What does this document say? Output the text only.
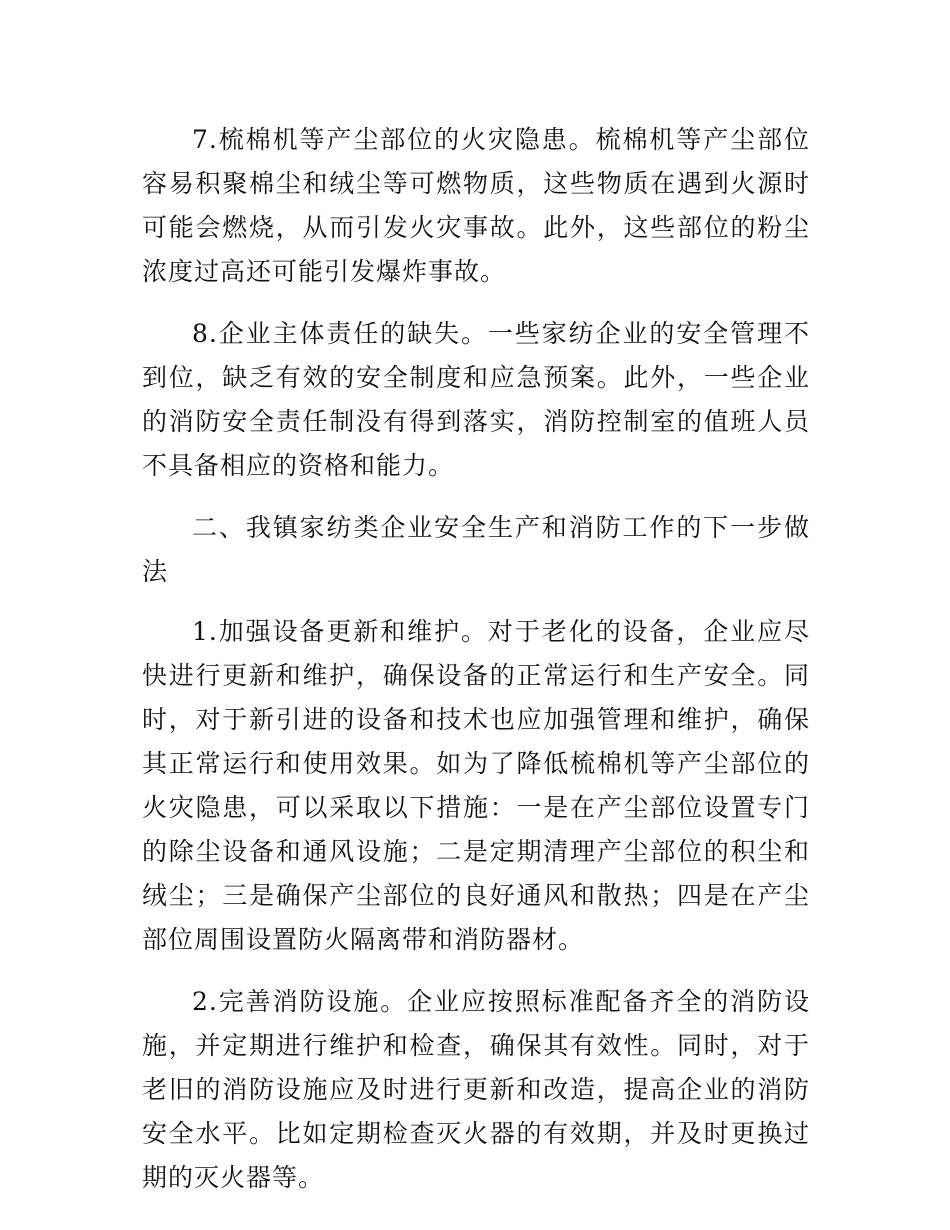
7.梳棉机等产尘部位的火灾隐患。梳棉机等产尘部位容易积聚棉尘和绒尘等可燃物质，这些物质在遇到火源时可能会燃烧，从而引发火灾事故。此外，这些部位的粉尘浓度过高还可能引发爆炸事故。

8.企业主体责任的缺失。一些家纺企业的安全管理不到位，缺乏有效的安全制度和应急预案。此外，一些企业的消防安全责任制没有得到落实，消防控制室的值班人员不具备相应的资格和能力。

二、我镇家纺类企业安全生产和消防工作的下一步做法

1.加强设备更新和维护。对于老化的设备，企业应尽快进行更新和维护，确保设备的正常运行和生产安全。同时，对于新引进的设备和技术也应加强管理和维护，确保其正常运行和使用效果。如为了降低梳棉机等产尘部位的火灾隐患，可以采取以下措施：一是在产尘部位设置专门的除尘设备和通风设施；二是定期清理产尘部位的积尘和绒尘；三是确保产尘部位的良好通风和散热；四是在产尘部位周围设置防火隔离带和消防器材。

2.完善消防设施。企业应按照标准配备齐全的消防设施，并定期进行维护和检查，确保其有效性。同时，对于老旧的消防设施应及时进行更新和改造，提高企业的消防安全水平。比如定期检查灭火器的有效期，并及时更换过期的灭火器等。
